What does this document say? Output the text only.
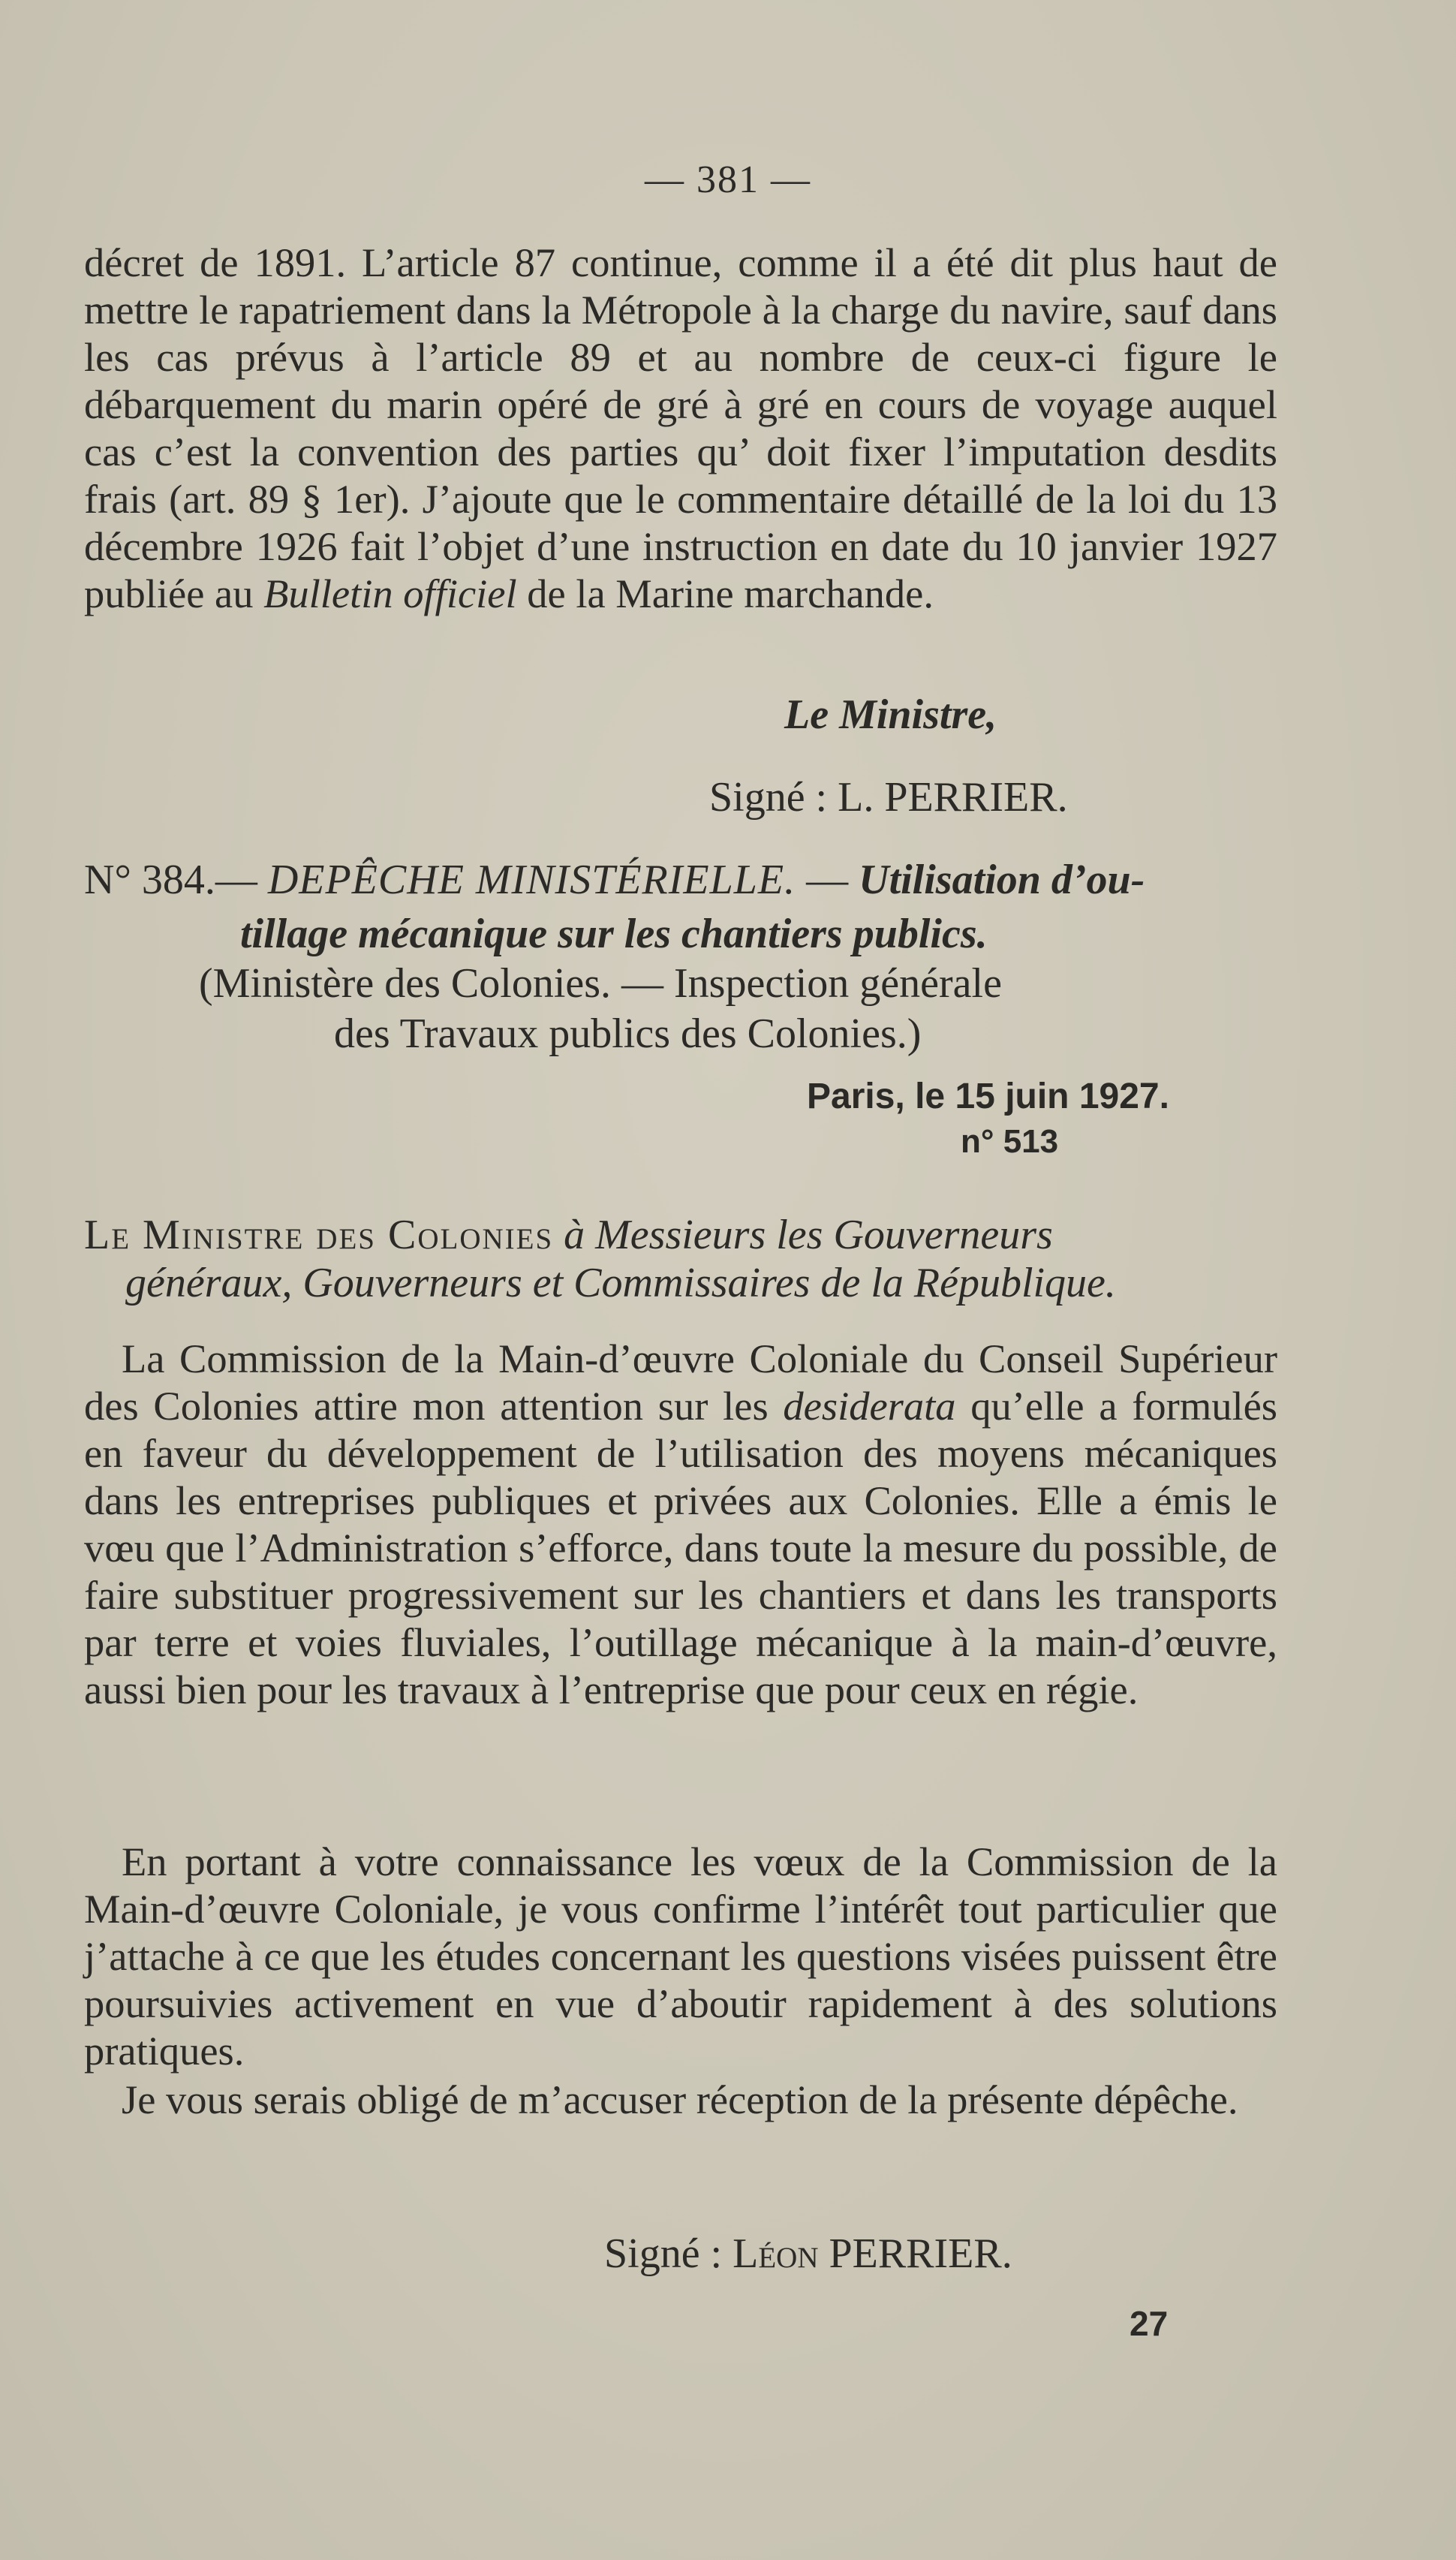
— 381 —
décret de 1891. L’article 87 continue, comme il a été dit plus haut de mettre le rapatriement dans la Métropole à la charge du navire, sauf dans les cas prévus à l’article 89 et au nombre de ceux-ci figure le débarquement du marin opéré de gré à gré en cours de voyage auquel cas c’est la convention des parties qu’ doit fixer l’imputation desdits frais (art. 89 § 1er). J’ajoute que le commentaire détaillé de la loi du 13 décembre 1926 fait l’objet d’une instruction en date du 10 janvier 1927 publiée au Bulletin officiel de la Marine marchande.
Le Ministre,
Signé : L. PERRIER.
N° 384.— DEPÊCHE MINISTÉRIELLE. — Utilisation d’ou-
tillage mécanique sur les chantiers publics.
(Ministère des Colonies. — Inspection générale
des Travaux publics des Colonies.)
Paris, le 15 juin 1927.
n° 513
Le Ministre des Colonies à Messieurs les Gouverneurs
généraux, Gouverneurs et Commissaires de la République.
La Commission de la Main-d’œuvre Coloniale du Conseil Supérieur des Colonies attire mon attention sur les desiderata qu’elle a formulés en faveur du développement de l’utilisation des moyens mécaniques dans les entreprises publiques et privées aux Colonies. Elle a émis le vœu que l’Administration s’efforce, dans toute la mesure du possible, de faire substituer progressivement sur les chantiers et dans les transports par terre et voies fluviales, l’outillage mécanique à la main-d’œuvre, aussi bien pour les travaux à l’entreprise que pour ceux en régie.
En portant à votre connaissance les vœux de la Commission de la Main-d’œuvre Coloniale, je vous confirme l’intérêt tout particulier que j’attache à ce que les études concernant les questions visées puissent être poursuivies activement en vue d’aboutir rapidement à des solutions pratiques.
Je vous serais obligé de m’accuser réception de la présente dépêche.
Signé : Léon PERRIER.
27
